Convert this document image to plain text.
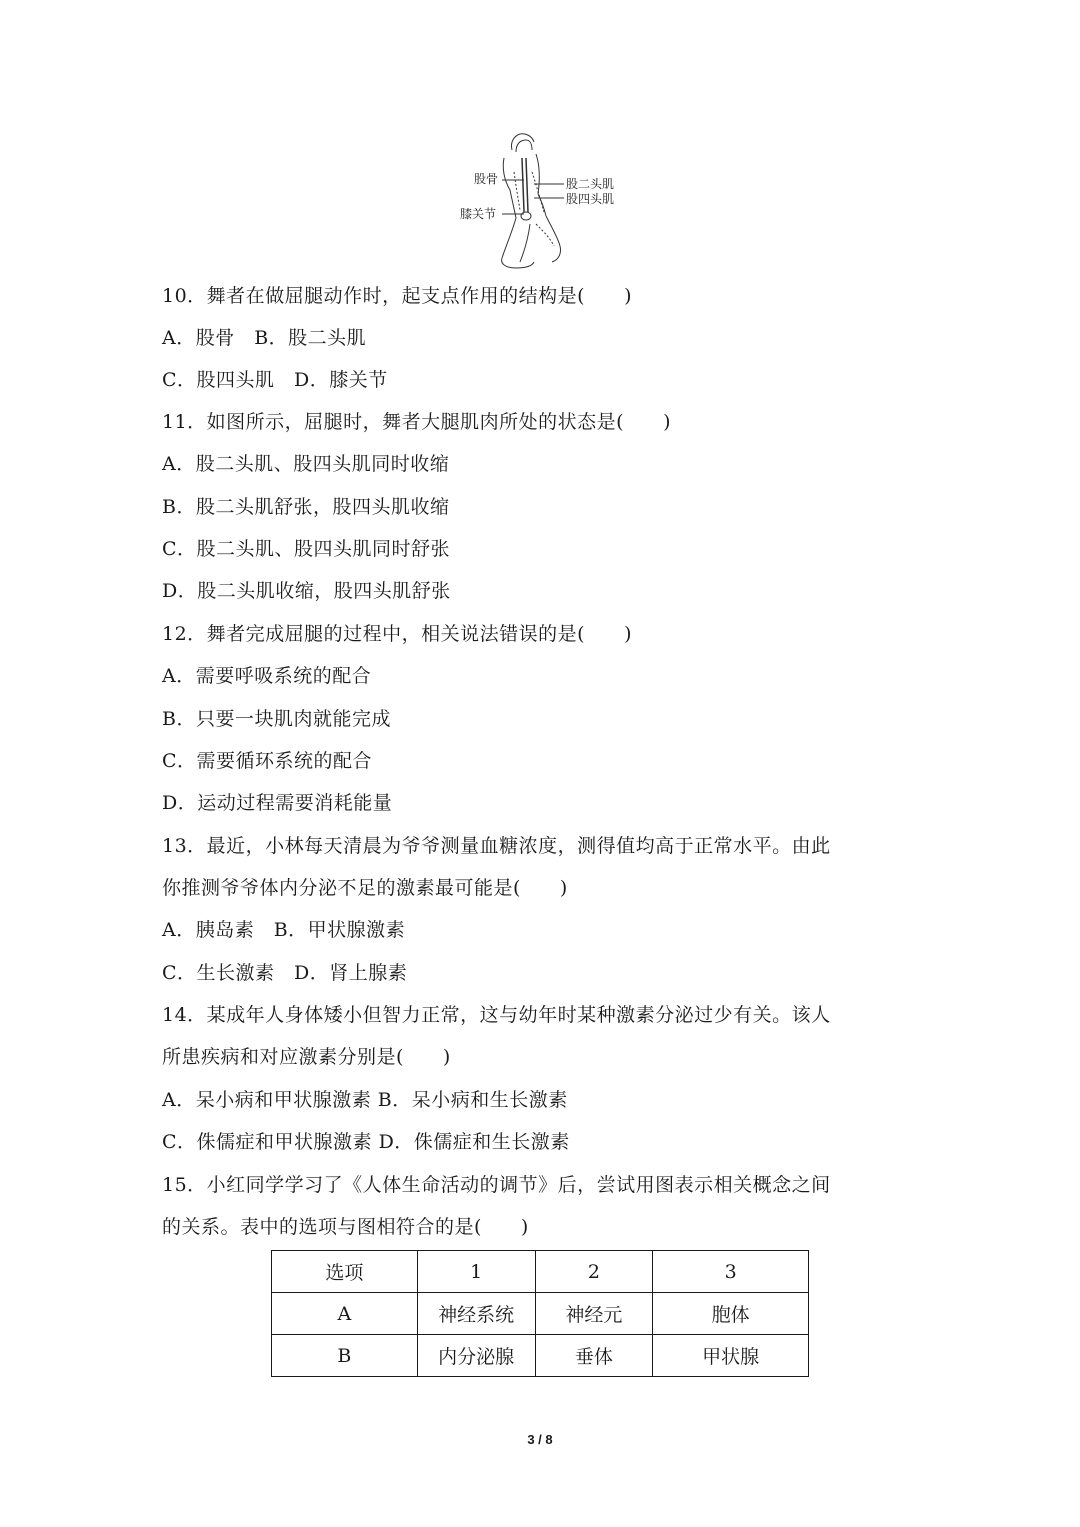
股骨
膝关节
股二头肌
股四头肌
10．舞者在做屈腿动作时，起支点作用的结构是(　　)
A．股骨　B．股二头肌
C．股四头肌　D．膝关节
11．如图所示，屈腿时，舞者大腿肌肉所处的状态是(　　)
A．股二头肌、股四头肌同时收缩
B．股二头肌舒张，股四头肌收缩
C．股二头肌、股四头肌同时舒张
D．股二头肌收缩，股四头肌舒张
12．舞者完成屈腿的过程中，相关说法错误的是(　　)
A．需要呼吸系统的配合
B．只要一块肌肉就能完成
C．需要循环系统的配合
D．运动过程需要消耗能量
13．最近，小林每天清晨为爷爷测量血糖浓度，测得值均高于正常水平。由此
你推测爷爷体内分泌不足的激素最可能是(　　)
A．胰岛素　B．甲状腺激素
C．生长激素　D．肾上腺素
14．某成年人身体矮小但智力正常，这与幼年时某种激素分泌过少有关。该人
所患疾病和对应激素分别是(　　)
A．呆小病和甲状腺激素 B．呆小病和生长激素
C．侏儒症和甲状腺激素 D．侏儒症和生长激素
15．小红同学学习了《人体生命活动的调节》后，尝试用图表示相关概念之间
的关系。表中的选项与图相符合的是(　　)
选项	1	2	3
A	神经系统	神经元	胞体
B	内分泌腺	垂体	甲状腺
3 / 8
